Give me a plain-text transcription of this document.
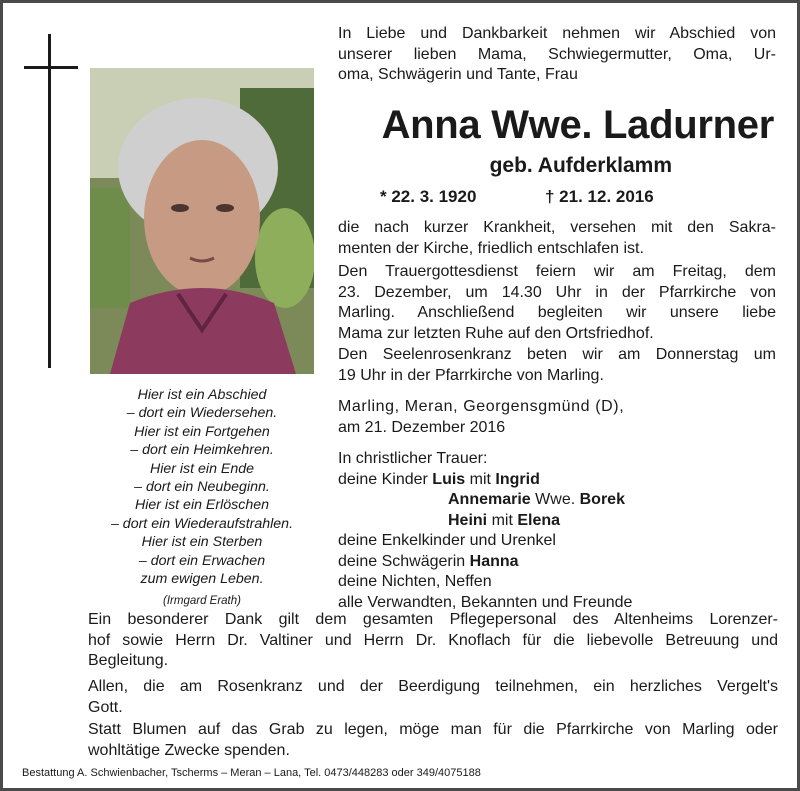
Hier ist ein Abschied
– dort ein Wiedersehen.
Hier ist ein Fortgehen
– dort ein Heimkehren.
Hier ist ein Ende
– dort ein Neubeginn.
Hier ist ein Erlöschen
– dort ein Wiederaufstrahlen.
Hier ist ein Sterben
– dort ein Erwachen
zum ewigen Leben.
(Irmgard Erath)
In Liebe und Dankbarkeit nehmen wir Abschied von
unserer lieben Mama, Schwiegermutter, Oma, Ur-
oma, Schwägerin und Tante, Frau
Anna Wwe. Ladurner
geb. Aufderklamm
* 22. 3. 1920	† 21. 12. 2016
die nach kurzer Krankheit, versehen mit den Sakra-
menten der Kirche, friedlich entschlafen ist.
Den Trauergottesdienst feiern wir am Freitag, dem
23. Dezember, um 14.30 Uhr in der Pfarrkirche von
Marling. Anschließend begleiten wir unsere liebe
Mama zur letzten Ruhe auf den Ortsfriedhof.
Den Seelenrosenkranz beten wir am Donnerstag um
19 Uhr in der Pfarrkirche von Marling.
Marling, Meran, Georgensgmünd (D),
am 21. Dezember 2016
In christlicher Trauer:
deine Kinder Luis mit Ingrid
Annemarie Wwe. Borek
Heini mit Elena
deine Enkelkinder und Urenkel
deine Schwägerin Hanna
deine Nichten, Neffen
alle Verwandten, Bekannten und Freunde
Ein besonderer Dank gilt dem gesamten Pflegepersonal des Altenheims Lorenzer-
hof sowie Herrn Dr. Valtiner und Herrn Dr. Knoflach für die liebevolle Betreuung und
Begleitung.
Allen, die am Rosenkranz und der Beerdigung teilnehmen, ein herzliches Vergelt's
Gott.
Statt Blumen auf das Grab zu legen, möge man für die Pfarrkirche von Marling oder
wohltätige Zwecke spenden.
Bestattung A. Schwienbacher, Tscherms – Meran – Lana, Tel. 0473/448283 oder 349/4075188
